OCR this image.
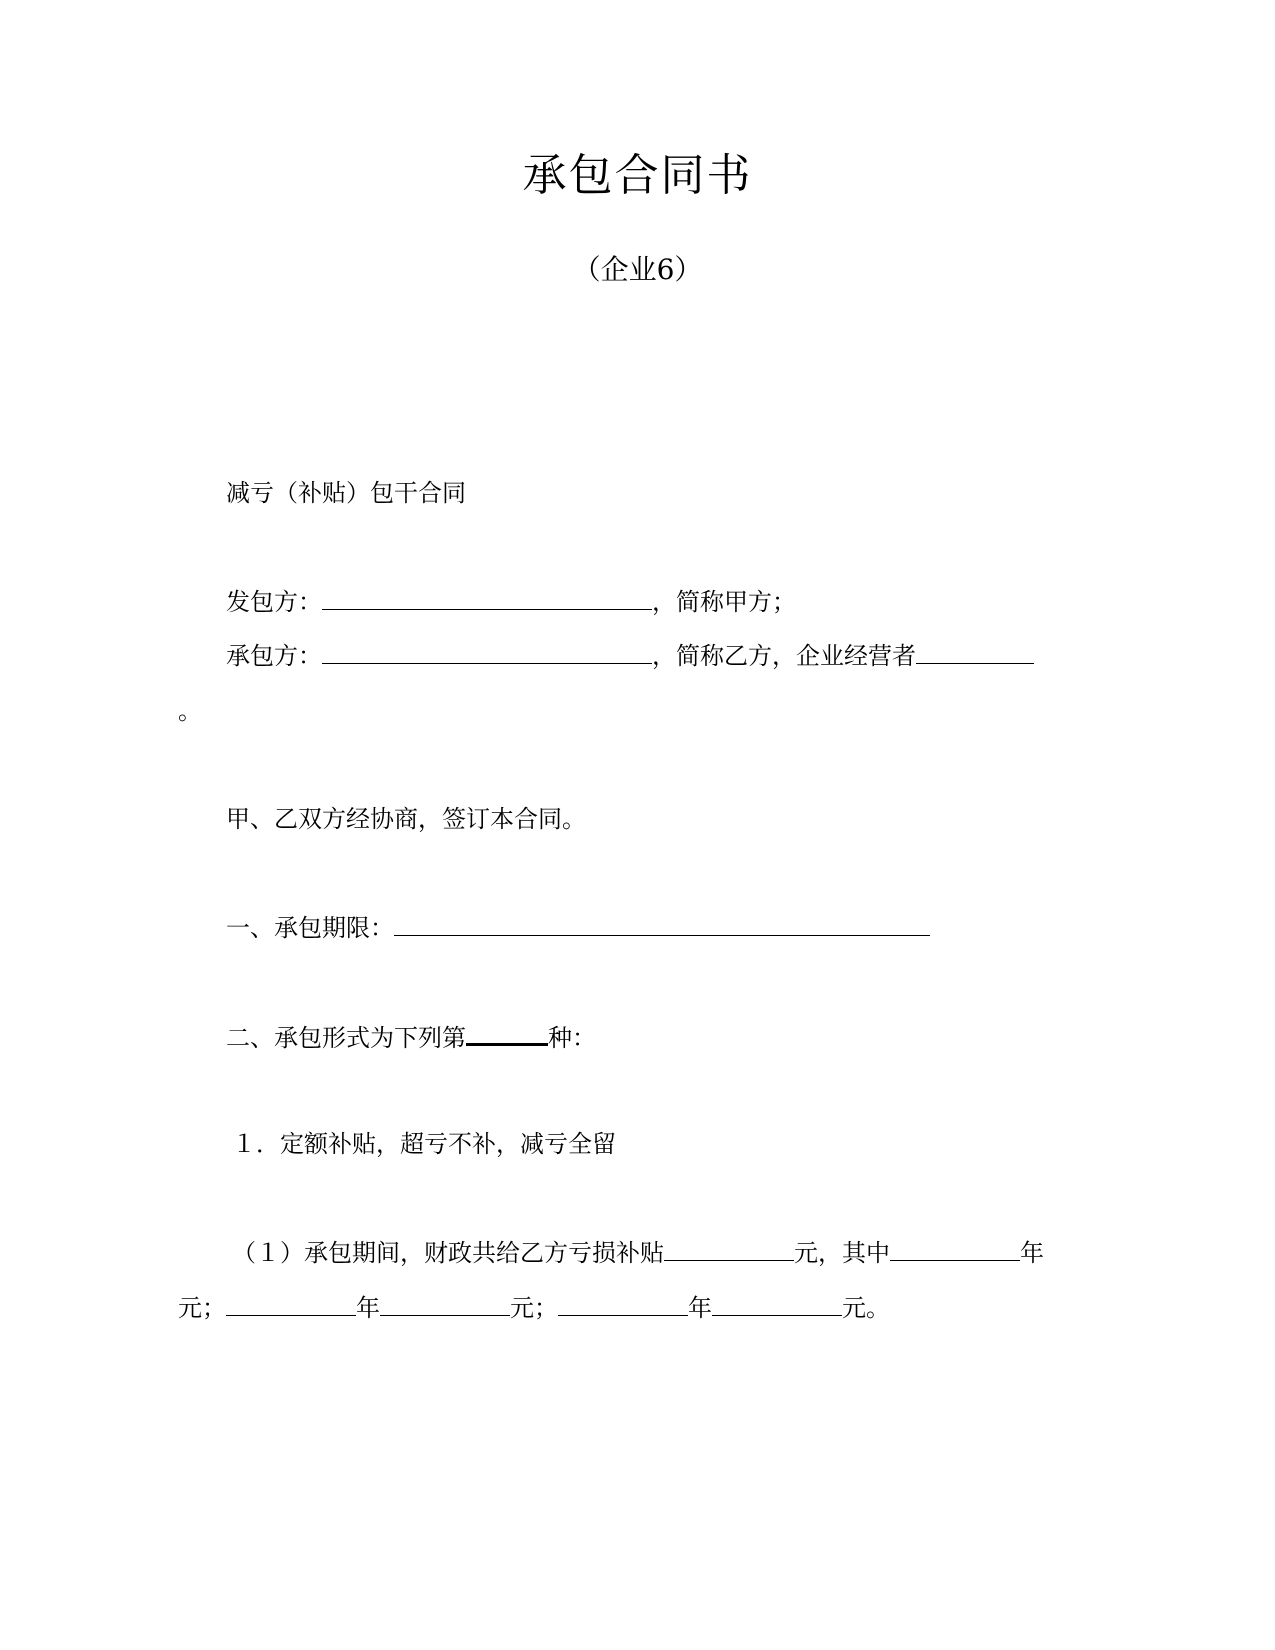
承包合同书
（企业6）
减亏（补贴）包干合同
发包方：	，简称甲方；
承包方：	，简称乙方，企业经营者
。
甲、乙双方经协商，签订本合同。
一、承包期限：
二、承包形式为下列第	种：
１．定额补贴，超亏不补，减亏全留
（１）承包期间，财政共给乙方亏损补贴	元，其中	年
元；	年	元；	年	元。
